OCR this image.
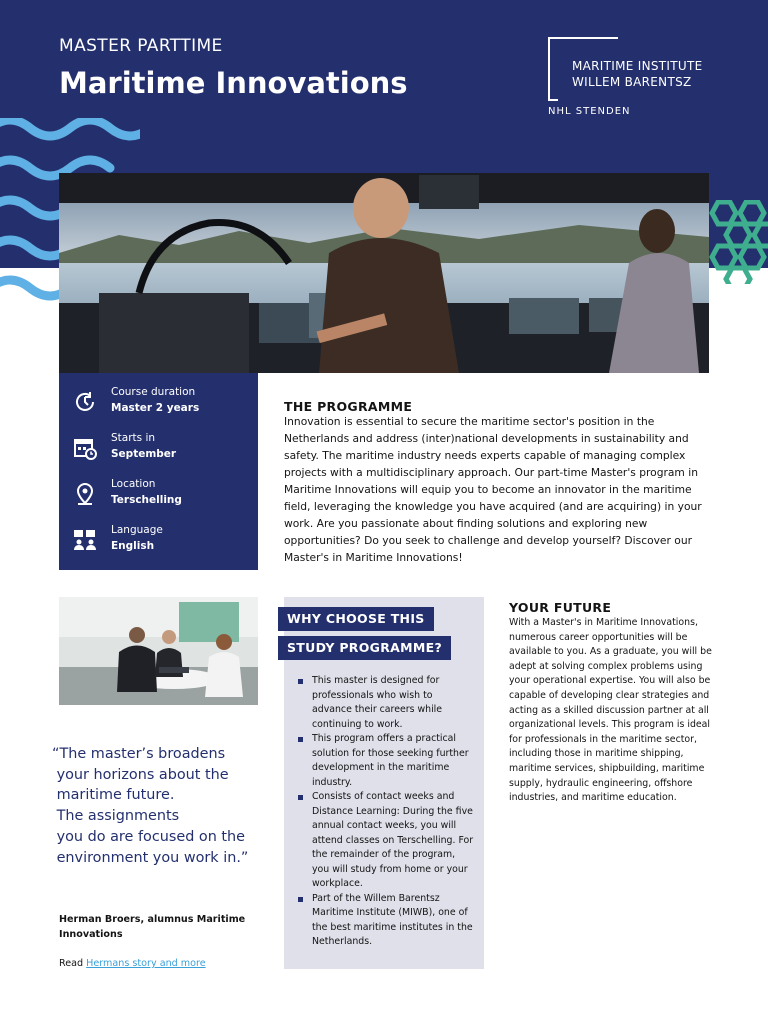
MASTER PARTTIME
Maritime Innovations	MARITIME INSTITUTE
WILLEM BARENTSZ
NHL STENDEN
Course duration
Master 2 years
Starts in
September
Location
Terschelling
Language
English
THE PROGRAMME

Innovation is essential to secure the maritime sector's position in the Netherlands and address (inter)national developments in sustainability and safety. The maritime industry needs experts capable of managing complex projects with a multidisciplinary approach. Our part-time Master's program in Maritime Innovations will equip you to become an innovator in the maritime field, leveraging the knowledge you have acquired (and are acquiring) in your work. Are you passionate about finding solutions and exploring new opportunities? Do you seek to challenge and develop yourself? Discover our Master's in Maritime Innovations!

“The master’s broadens
your horizons about the
maritime future.
The assignments
you do are focused on the
environment you work in.”
Herman Broers, alumnus Maritime Innovations
Read Hermans story and more
WHY CHOOSE THIS
STUDY PROGRAMME?
This master is designed for professionals who wish to advance their careers while continuing to work.
This program offers a practical solution for those seeking further development in the maritime industry.
Consists of contact weeks and Distance Learning: During the five annual contact weeks, you will attend classes on Terschelling. For the remainder of the program, you will study from home or your workplace.
Part of the Willem Barentsz Maritime Institute (MIWB), one of the best maritime institutes in the Netherlands.
YOUR FUTURE

With a Master's in Maritime Innovations, numerous career opportunities will be available to you. As a graduate, you will be adept at solving complex problems using your operational expertise. You will also be capable of developing clear strategies and acting as a skilled discussion partner at all organizational levels. This program is ideal for professionals in the maritime sector, including those in maritime shipping, maritime services, shipbuilding, maritime supply, hydraulic engineering, offshore industries, and maritime education.
